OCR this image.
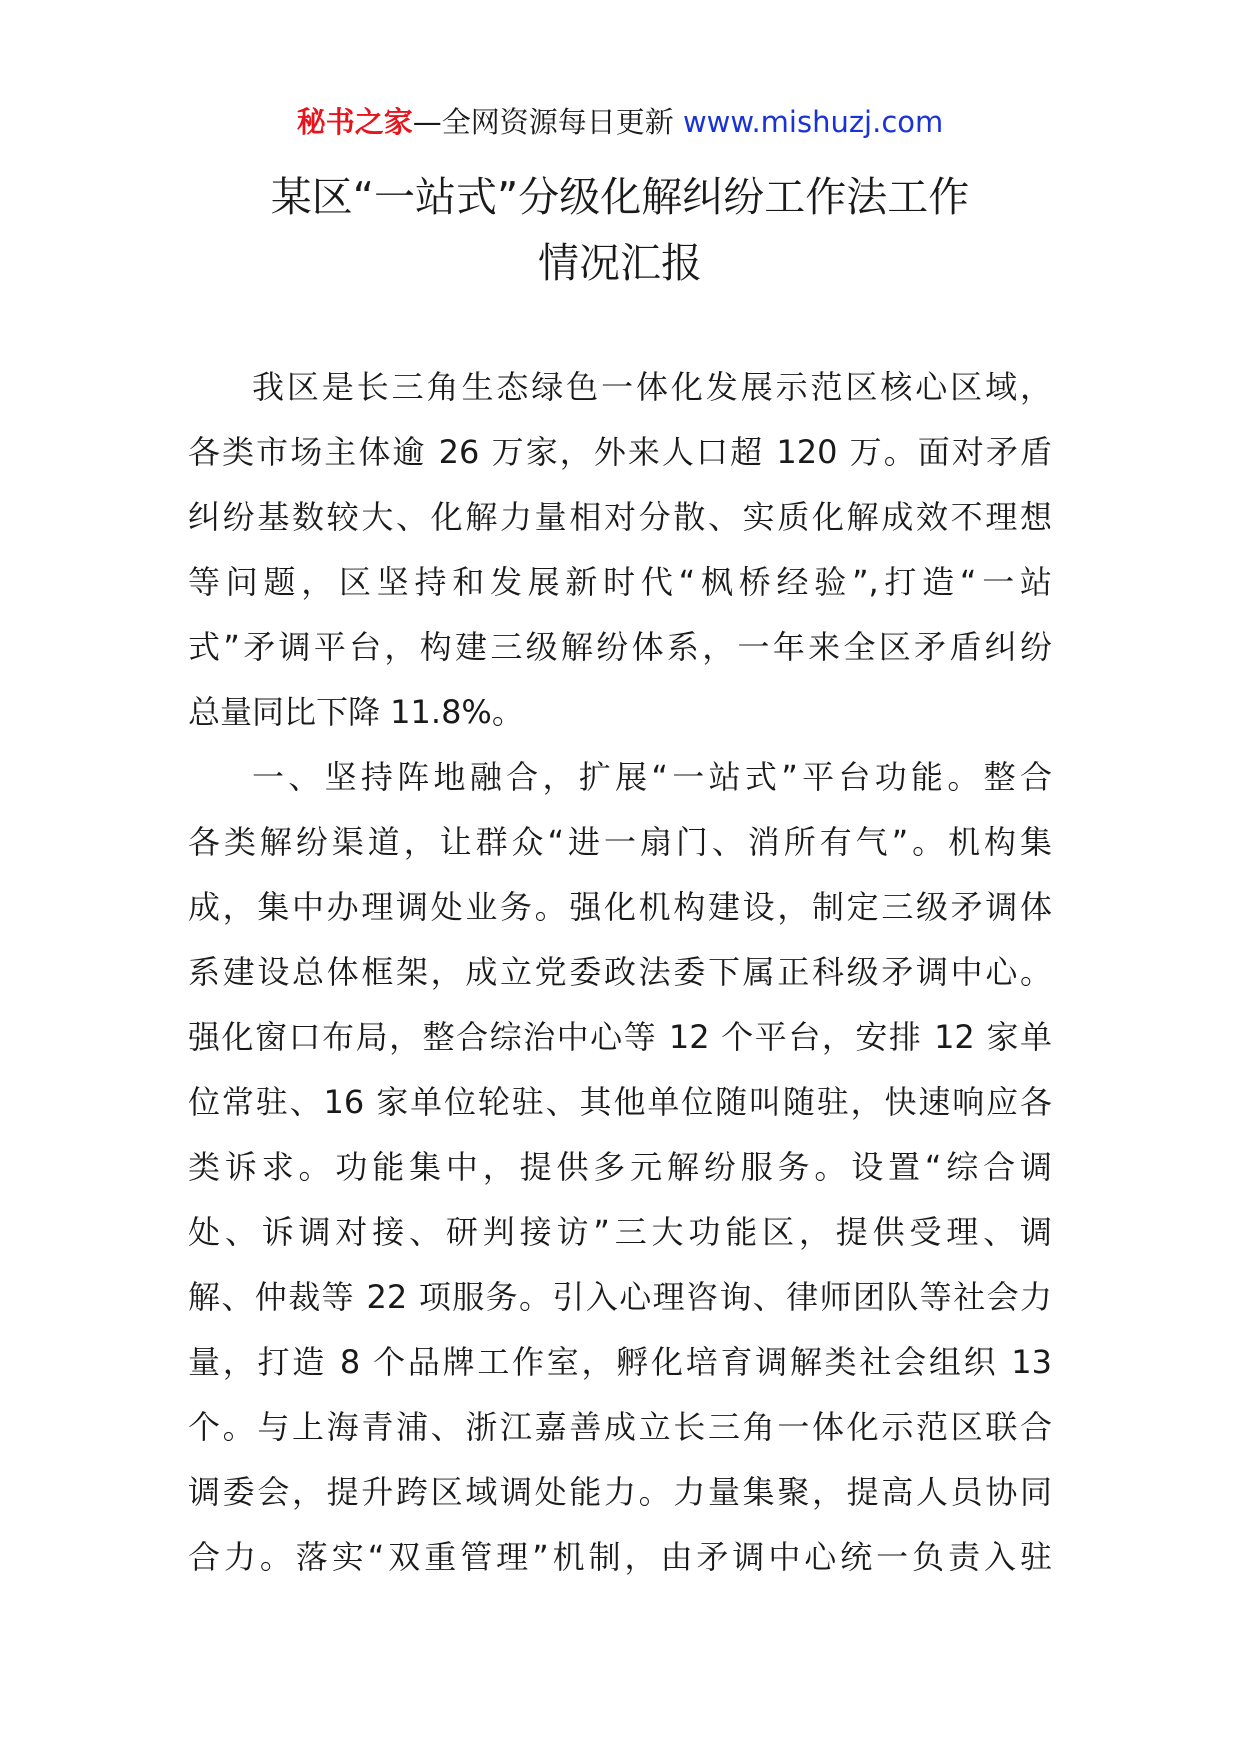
秘书之家—全网资源每日更新 www.mishuzj.com
某区“一站式”分级化解纠纷工作法工作
情况汇报
我区是长三角生态绿色一体化发展示范区核心区域，
各类市场主体逾 26 万家，外来人口超 120 万。面对矛盾
纠纷基数较大、化解力量相对分散、实质化解成效不理想
等问题，区坚持和发展新时代“枫桥经验”,打造“一站
式”矛调平台，构建三级解纷体系，一年来全区矛盾纠纷
总量同比下降 11.8%。
一、坚持阵地融合，扩展“一站式”平台功能。整合
各类解纷渠道，让群众“进一扇门、消所有气”。机构集
成，集中办理调处业务。强化机构建设，制定三级矛调体
系建设总体框架，成立党委政法委下属正科级矛调中心。
强化窗口布局，整合综治中心等 12 个平台，安排 12 家单
位常驻、16 家单位轮驻、其他单位随叫随驻，快速响应各
类诉求。功能集中，提供多元解纷服务。设置“综合调
处、诉调对接、研判接访”三大功能区，提供受理、调
解、仲裁等 22 项服务。引入心理咨询、律师团队等社会力
量，打造 8 个品牌工作室，孵化培育调解类社会组织 13
个。与上海青浦、浙江嘉善成立长三角一体化示范区联合
调委会，提升跨区域调处能力。力量集聚，提高人员协同
合力。落实“双重管理”机制，由矛调中心统一负责入驻
